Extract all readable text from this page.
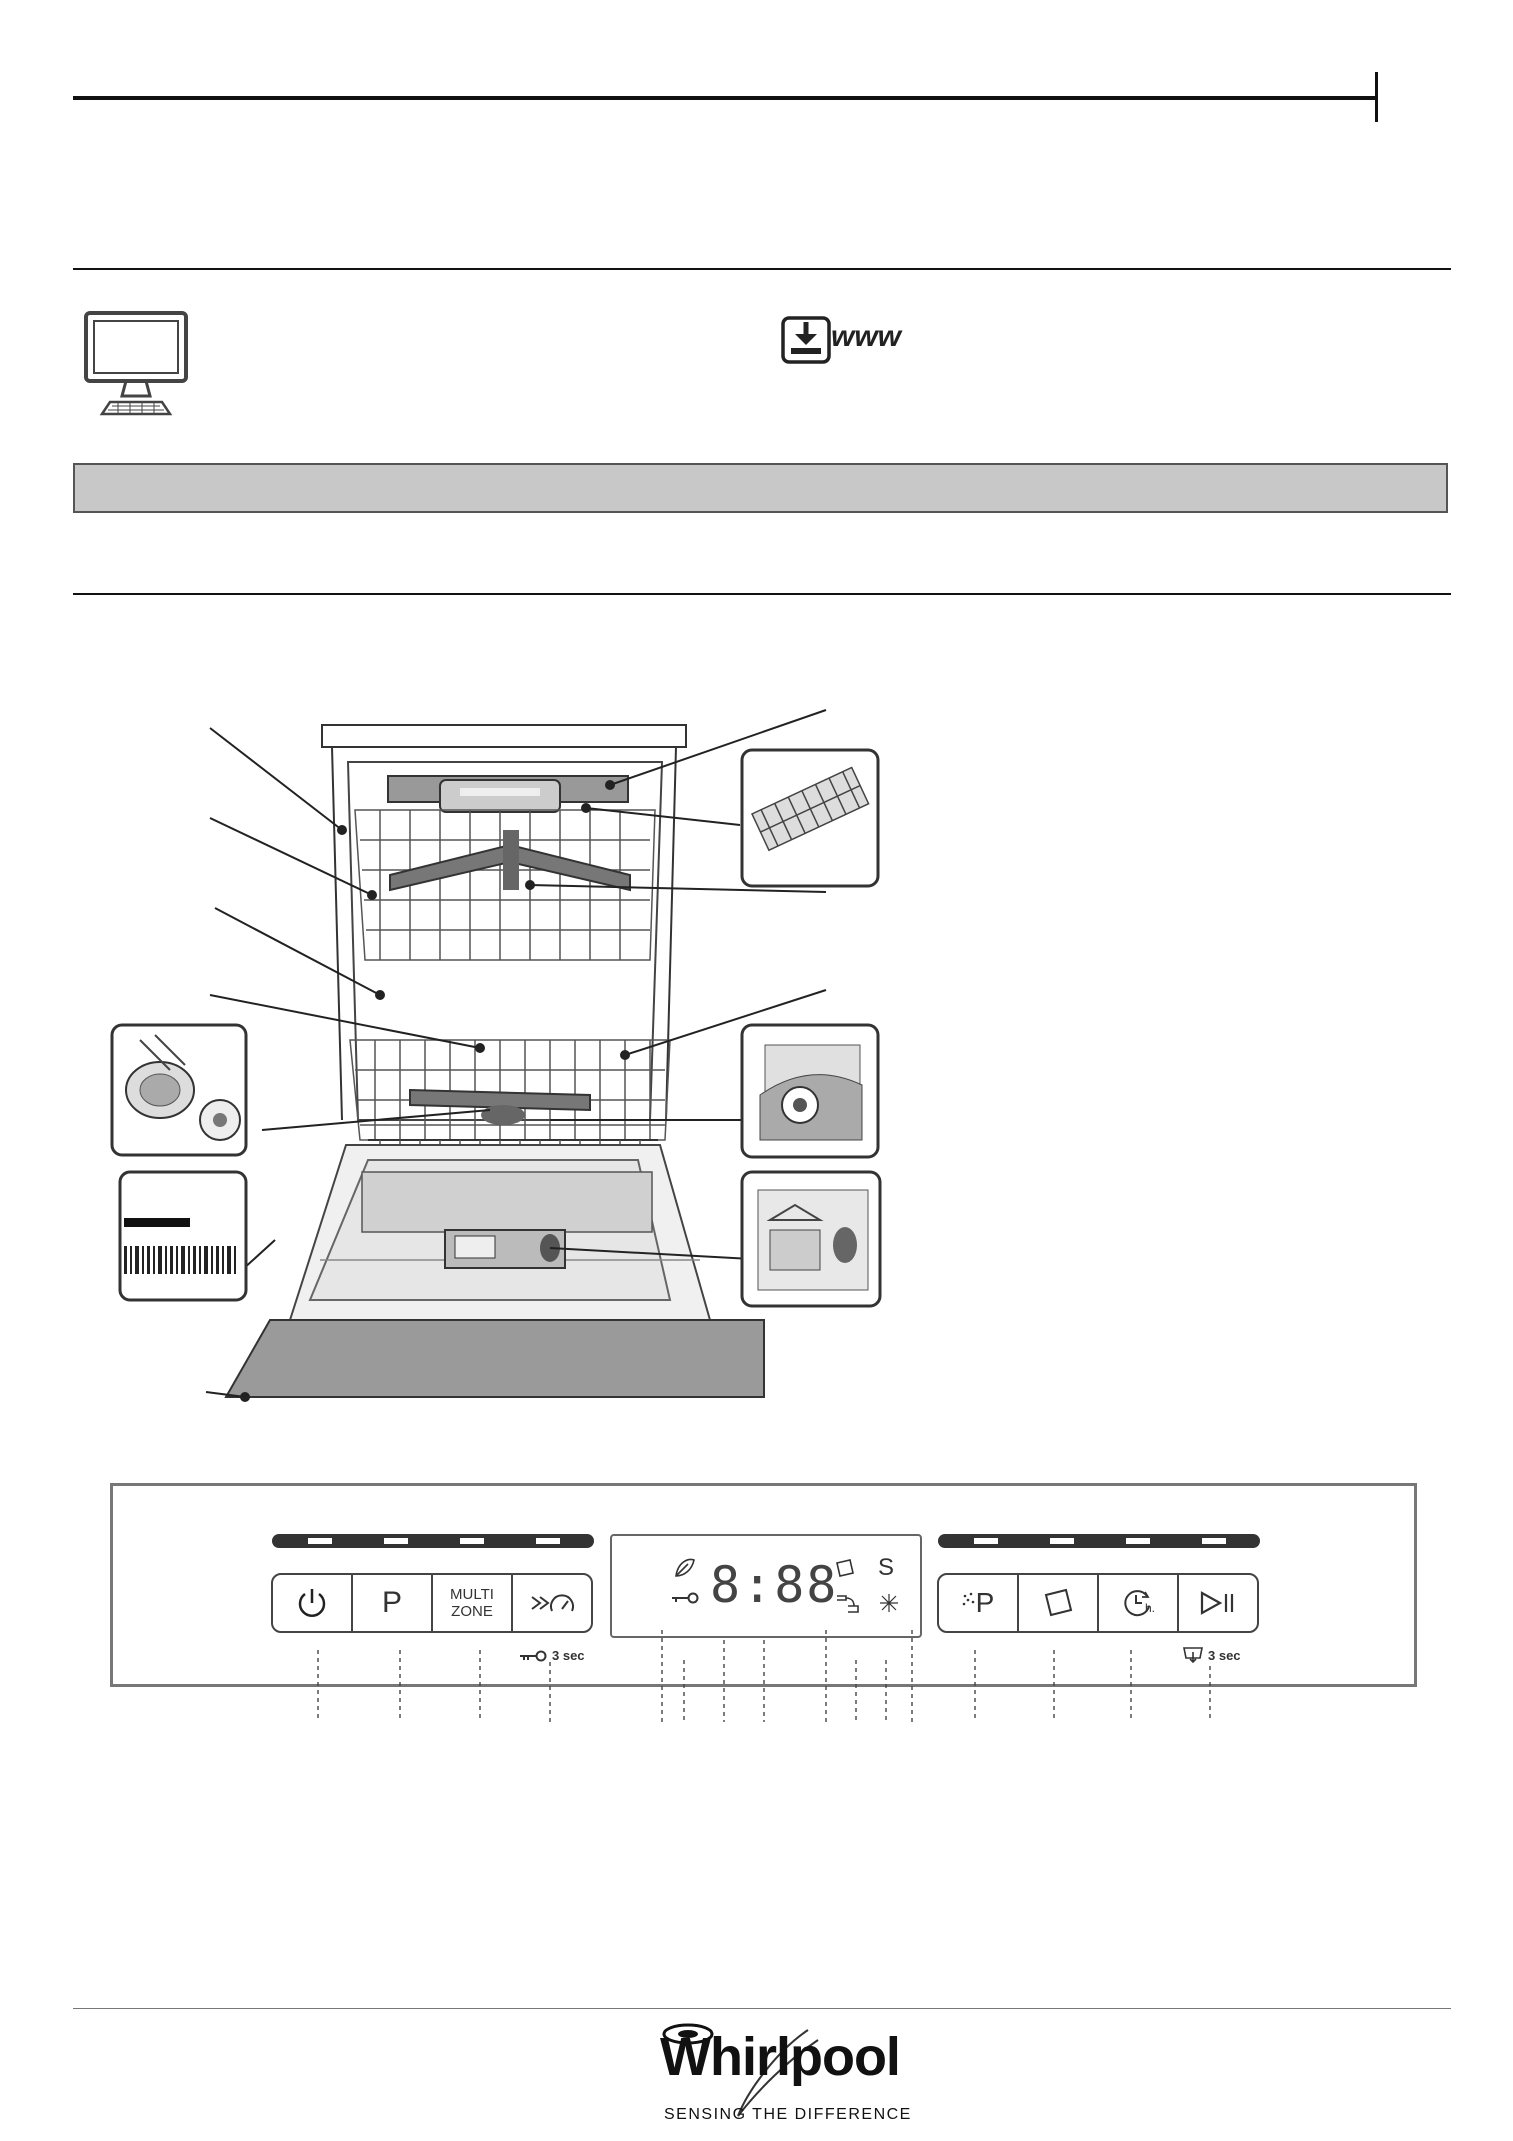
www
P	MULTI
ZONE
3 sec
8:88 S
P	h.
3 sec
Whirlpool
SENSING THE DIFFERENCE
